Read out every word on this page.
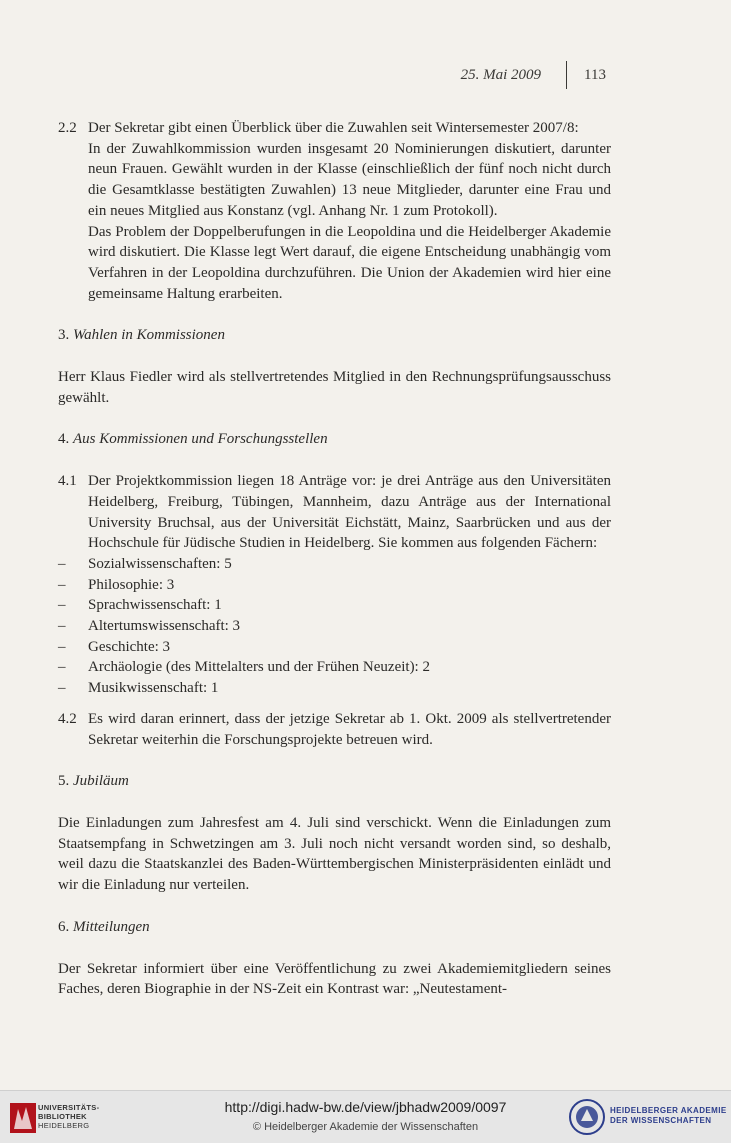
25. Mai 2009	113
2.2 Der Sekretar gibt einen Überblick über die Zuwahlen seit Wintersemester 2007/8:

In der Zuwahlkommission wurden insgesamt 20 Nominierungen diskutiert, darunter neun Frauen. Gewählt wurden in der Klasse (einschließlich der fünf noch nicht durch die Gesamtklasse bestätigten Zuwahlen) 13 neue Mitglieder, darunter eine Frau und ein neues Mitglied aus Konstanz (vgl. Anhang Nr. 1 zum Protokoll).

Das Problem der Doppelberufungen in die Leopoldina und die Heidelberger Akademie wird diskutiert. Die Klasse legt Wert darauf, die eigene Entscheidung unabhängig vom Verfahren in der Leopoldina durchzuführen. Die Union der Akademien wird hier eine gemeinsame Haltung erarbeiten.

3. Wahlen in Kommissionen

Herr Klaus Fiedler wird als stellvertretendes Mitglied in den Rechnungsprüfungsausschuss gewählt.

4. Aus Kommissionen und Forschungsstellen
4.1 Der Projektkommission liegen 18 Anträge vor: je drei Anträge aus den Universitäten Heidelberg, Freiburg, Tübingen, Mannheim, dazu Anträge aus der International University Bruchsal, aus der Universität Eichstätt, Mainz, Saarbrücken und aus der Hochschule für Jüdische Studien in Heidelberg. Sie kommen aus folgenden Fächern:

–	Sozialwissenschaften: 5
–	Philosophie: 3
–	Sprachwissenschaft: 1
–	Altertumswissenschaft: 3
–	Geschichte: 3
–	Archäologie (des Mittelalters und der Frühen Neuzeit): 2
–	Musikwissenschaft: 1
4.2 Es wird daran erinnert, dass der jetzige Sekretar ab 1. Okt. 2009 als stellvertretender Sekretar weiterhin die Forschungsprojekte betreuen wird.

5. Jubiläum

Die Einladungen zum Jahresfest am 4. Juli sind verschickt. Wenn die Einladungen zum Staatsempfang in Schwetzingen am 3. Juli noch nicht versandt worden sind, so deshalb, weil dazu die Staatskanzlei des Baden-Württembergischen Ministerpräsidenten einlädt und wir die Einladung nur verteilen.

6. Mitteilungen

Der Sekretar informiert über eine Veröffentlichung zu zwei Akademiemitgliedern seines Faches, deren Biographie in der NS-Zeit ein Kontrast war: „Neutestament-

UNIVERSITÄTS-
BIBLIOTHEK
HEIDELBERG
http://digi.hadw-bw.de/view/jbhadw2009/0097
© Heidelberger Akademie der Wissenschaften
HEIDELBERGER AKADEMIE
DER WISSENSCHAFTEN
